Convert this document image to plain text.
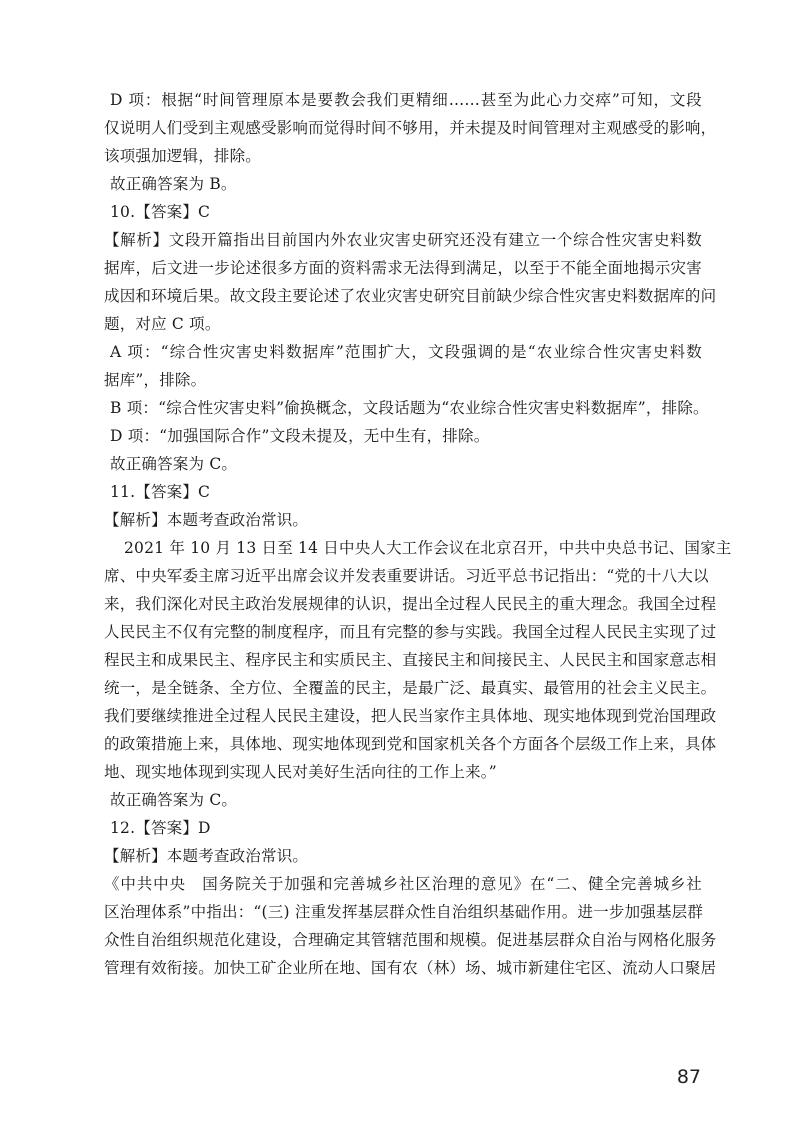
D 项：根据“时间管理原本是要教会我们更精细……甚至为此心力交瘁”可知，文段
仅说明人们受到主观感受影响而觉得时间不够用，并未提及时间管理对主观感受的影响，
该项强加逻辑，排除。
故正确答案为 B。
10.【答案】C
【解析】文段开篇指出目前国内外农业灾害史研究还没有建立一个综合性灾害史料数
据库，后文进一步论述很多方面的资料需求无法得到满足，以至于不能全面地揭示灾害
成因和环境后果。故文段主要论述了农业灾害史研究目前缺少综合性灾害史料数据库的问
题，对应 C 项。
A 项：“综合性灾害史料数据库”范围扩大，文段强调的是“农业综合性灾害史料数
据库”，排除。
B 项：“综合性灾害史料”偷换概念，文段话题为“农业综合性灾害史料数据库”，排除。
D 项：“加强国际合作”文段未提及，无中生有，排除。
故正确答案为 C。
11.【答案】C
【解析】本题考查政治常识。
2021 年 10 月 13 日至 14 日中央人大工作会议在北京召开，中共中央总书记、国家主
席、中央军委主席习近平出席会议并发表重要讲话。习近平总书记指出：“党的十八大以
来，我们深化对民主政治发展规律的认识，提出全过程人民民主的重大理念。我国全过程
人民民主不仅有完整的制度程序，而且有完整的参与实践。我国全过程人民民主实现了过
程民主和成果民主、程序民主和实质民主、直接民主和间接民主、人民民主和国家意志相
统一，是全链条、全方位、全覆盖的民主，是最广泛、最真实、最管用的社会主义民主。
我们要继续推进全过程人民民主建设，把人民当家作主具体地、现实地体现到党治国理政
的政策措施上来，具体地、现实地体现到党和国家机关各个方面各个层级工作上来，具体
地、现实地体现到实现人民对美好生活向往的工作上来。”
故正确答案为 C。
12.【答案】D
【解析】本题考查政治常识。
《中共中央　国务院关于加强和完善城乡社区治理的意见》在“二、健全完善城乡社
区治理体系”中指出：“(三) 注重发挥基层群众性自治组织基础作用。进一步加强基层群
众性自治组织规范化建设，合理确定其管辖范围和规模。促进基层群众自治与网格化服务
管理有效衔接。加快工矿企业所在地、国有农（林）场、城市新建住宅区、流动人口聚居
87
